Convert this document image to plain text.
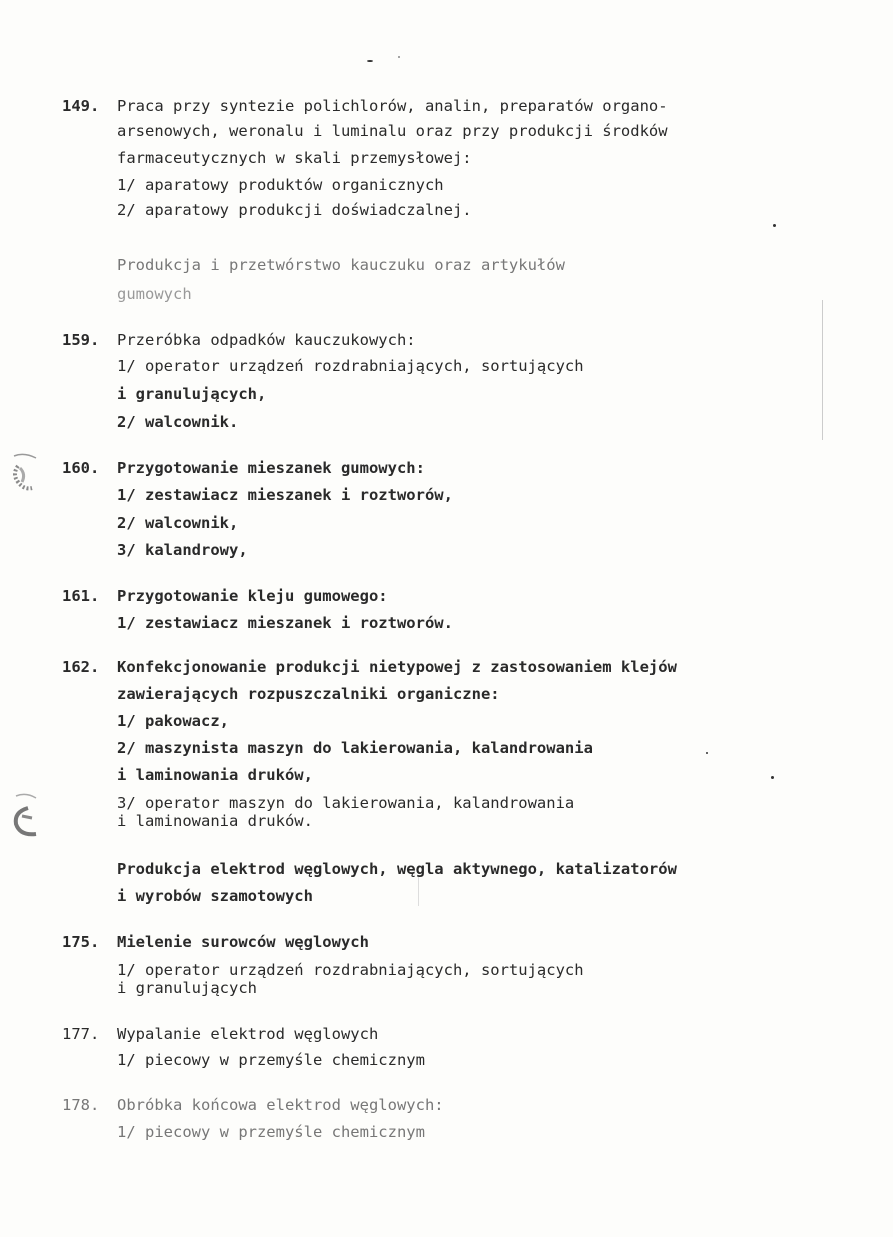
149. Praca przy syntezie polichlorów, analin, preparatów organo-
arsenowych, weronalu i luminalu oraz przy produkcji środków
farmaceutycznych w skali przemysłowej:
1/ aparatowy produktów organicznych
2/ aparatowy produkcji doświadczalnej.
Produkcja i przetwórstwo kauczuku oraz artykułów
gumowych
159. Przeróbka odpadków kauczukowych:
1/ operator urządzeń rozdrabniających, sortujących
i granulujących,
2/ walcownik.
160. Przygotowanie mieszanek gumowych:
1/ zestawiacz mieszanek i roztworów,
2/ walcownik,
3/ kalandrowy,
161. Przygotowanie kleju gumowego:
1/ zestawiacz mieszanek i roztworów.
162. Konfekcjonowanie produkcji nietypowej z zastosowaniem klejów
zawierających rozpuszczalniki organiczne:
1/ pakowacz,
2/ maszynista maszyn do lakierowania, kalandrowania
i laminowania druków,
3/ operator maszyn do lakierowania, kalandrowania
i laminowania druków.
Produkcja elektrod węglowych, węgla aktywnego, katalizatorów
i wyrobów szamotowych
175. Mielenie surowców węglowych
1/ operator urządzeń rozdrabniających, sortujących
i granulujących
177. Wypalanie elektrod węglowych
1/ piecowy w przemyśle chemicznym
178. Obróbka końcowa elektrod węglowych:
1/ piecowy w przemyśle chemicznym
